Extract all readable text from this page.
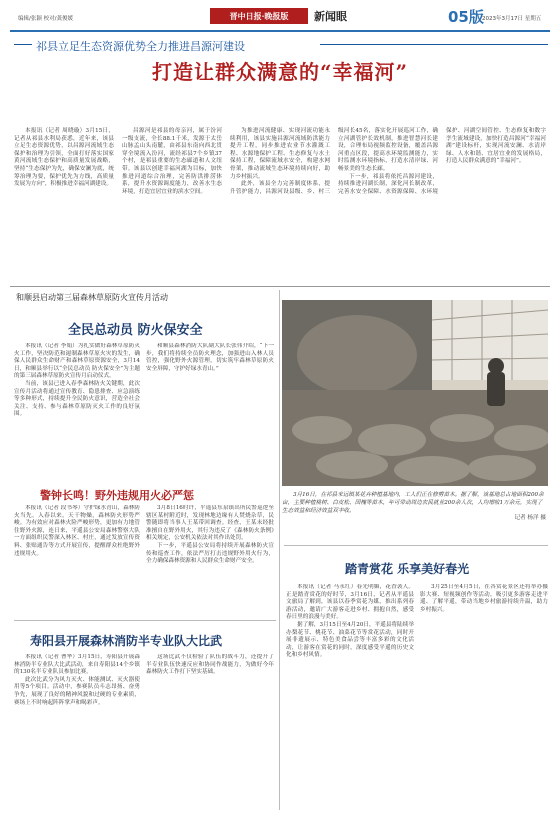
编辑/张颖 校对/龚俊媛	晋中日报·晚报版	新闻眼	05版
2023年3月17日 星期五
祁县立足生态资源优势全力推进昌源河建设
打造让群众满意的“幸福河”

本报讯（记者 周晓璇）3月15日，记者从祁县水利局获悉，近年来，该县立足生态资源优势，以昌源河流域生态保护和治理为引领，全面打好落实国家黄河流域生态保护和高质量发展战略，坚持“生态保护为先，确保安澜为底，统筹治理为要，保护优先为方线，高质量发展为方向”，积极推进幸福河湖建设。

昌源河是祁县的母亲河，属于汾河一级支流，全长88.1千米，发源于太岳山脉孟山头南麓，由祁县东南向西北贯穿全境流入汾河，流经祁县7个乡镇37个村，是祁县重要的生态廊道和人文纽带。该县以创建幸福河湖为目标，加快推进河道综合治理，完善防洪排涝体系，提升水资源调度能力，改善水生态环境，打造宜居宜业的滨水空间。

为推进河流健康、实现河流功能永续利用，该县实施昌源河流域防洪能力提升工程，同步推进农业节水灌溉工程、水源地保护工程、生态修复与水土保持工程，保障流域水安全，构建水网骨架，推动流域生态环境持续向好，助力乡村振兴。

此外，该县全力完善制度体系，提升管护能力，昌源河设县级、乡、村三级河长45名，落实化开展巡河工作，确立河湖管护长效机制，推进智慧河长建设，合理布局视频监控设备，覆盖昌源河重点区段，提高水环境监测能力，实时监测水环境指标，打造水清岸绿、河畅景美的生态长廊。

下一步，祁县将依托昌源河建设，持续推进河湖长制，深化河长制改革，完善水安全保障、水资源保障、水环境保护、河湖空间管控、生态修复和数字孪生流域建设，加快打造昌源河“幸福河湖”建设标杆，实现河流安澜、水清岸绿、人水和谐、宜居宜业的发展格局，打造人民群众满意的“幸福河”。

和顺县启动第三届森林草原防火宣传月活动
全民总动员 防火保安全

本报讯（记者 李娟）为扎实做好森林草原防灭火工作，坚决防范和遏制森林草原火灾的发生，确保人民群众生命财产和森林草原资源安全，3月14日，和顺县举行以“全民总动员 防火保安全”为主题的第三届森林草原防火宣传月启动仪式。

当前，该县已进入春季森林防火关键期，此次宣传月活动将通过宣传教育、隐患排查、应急演练等多种形式，持续提升全民防火意识，营造全社会关注、支持、参与森林草原防灭火工作的良好氛围。

和顺县森林消防大队副大队长张伟介绍，“下一步，我们将持续全员防火理念，加强进山入林人员管控，强化野外火源管理，切实筑牢森林草原防火安全屏障，守护好绿水青山。”

警钟长鸣！野外违规用火必严惩

本报讯（记者 段书琴）守护绿水青山，森林防火当先。入春以来，天干物燥，森林防火形势严峻。为有效应对森林火险严峻形势，更加有力地管住野外火源，连日来，平遥县公安局森林警察大队一方面组织民警深入林区、村庄，通过发放宣传资料、张贴通告等方式开展宣传，提醒群众杜绝野外违规用火。

3月8日16时许，平遥县东泉镇出所民警巡逻至辖区某村附近时，发现林地边缘有人焚烧杂草，民警随即将当事人王某带回调查。经查，王某未经批准擅自在野外用火，其行为违反了《森林防火条例》相关规定，公安机关依法对其作出处罚。

下一步，平遥县公安局将持续开展森林防火宣传和巡查工作，依法严厉打击违规野外用火行为，全力确保森林资源和人民群众生命财产安全。

寿阳县开展森林消防半专业队大比武

本报讯（记者 曹华）3月15日，寿阳县开展森林消防半专业队大比武活动，来自寿阳县14个乡镇的130名半专业队员参加比赛。

此次比武分为风力灭火、体能测试、灭火器使用等5个项目。活动中，参赛队员斗志昂扬、奋勇争先，展现了良好的精神风貌和过硬的专业素质，赛场上不时响起阵阵掌声和喝彩声。

这场比武不仅检验了队伍的战斗力，还提升了半专业队伍快速反应和协同作战能力，为做好今年森林防火工作打下坚实基础。

3月16日，在祁县来远镇某花卉种植基地内，工人们正在修剪苗木。据了解，该基地总占地面积200余亩，主要种植桃树、白皮松、国槐等苗木，年可带动周边农民就业200余人次，人均增收1万余元，实现了生态效益和经济效益双丰收。

记者 杨洋 摄
踏青赏花 乐享美好春光

本报讯（记者 马永红）春光明媚，花香袭人。正是踏青赏花的好时节，3月16日，记者从平遥县文旅局了解到，该县以春季赏花为媒，推出系列春游活动，邀请广大游客走进乡村、拥抱自然，感受春日里的浪漫与美好。

据了解，3月15日至4月20日，平遥县将陆续举办梨花节、桃花节、油菜花节等赏花活动，同时开展非遗展示、特色美食品尝等丰富多彩的文化活动，让游客在赏花的同时，深度感受平遥的历史文化和乡村风情。

3月25日至4月5日，在各赏花景区还将举办摄影大赛、短视频创作等活动，吸引更多游客走进平遥、了解平遥，带动当地乡村旅游持续升温，助力乡村振兴。
